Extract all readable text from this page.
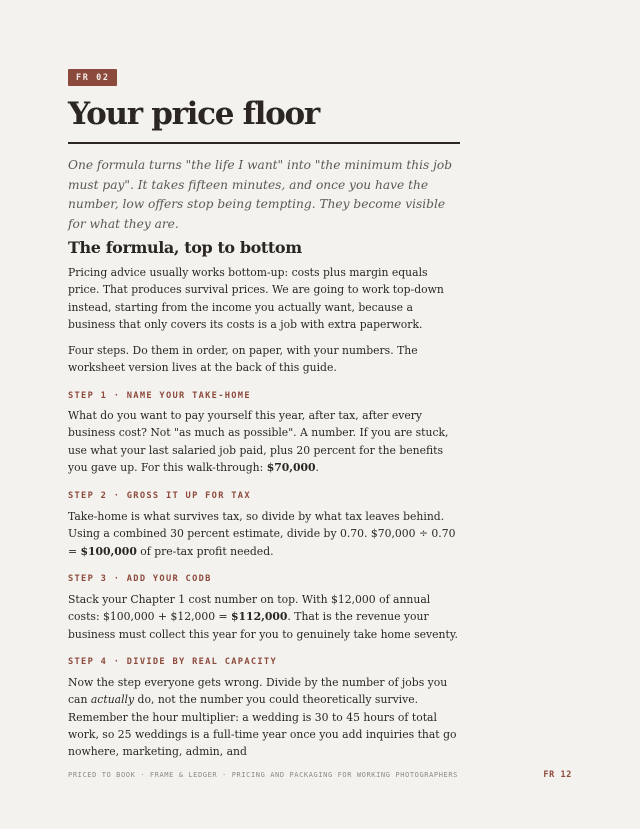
FR 02
Your price floor

One formula turns "the life I want" into "the minimum this job must pay". It takes fifteen minutes, and once you have the number, low offers stop being tempting. They become visible for what they are.

The formula, top to bottom

Pricing advice usually works bottom-up: costs plus margin equals price. That produces survival prices. We are going to work top-down instead, starting from the income you actually want, because a business that only covers its costs is a job with extra paperwork.

Four steps. Do them in order, on paper, with your numbers. The worksheet version lives at the back of this guide.

STEP 1 · NAME YOUR TAKE-HOME

What do you want to pay yourself this year, after tax, after every business cost? Not "as much as possible". A number. If you are stuck, use what your last salaried job paid, plus 20 percent for the benefits you gave up. For this walk-through: $70,000.

STEP 2 · GROSS IT UP FOR TAX

Take-home is what survives tax, so divide by what tax leaves behind. Using a combined 30 percent estimate, divide by 0.70. $70,000 ÷ 0.70 = $100,000 of pre-tax profit needed.

STEP 3 · ADD YOUR CODB

Stack your Chapter 1 cost number on top. With $12,000 of annual costs: $100,000 + $12,000 = $112,000. That is the revenue your business must collect this year for you to genuinely take home seventy.

STEP 4 · DIVIDE BY REAL CAPACITY

Now the step everyone gets wrong. Divide by the number of jobs you can actually do, not the number you could theoretically survive. Remember the hour multiplier: a wedding is 30 to 45 hours of total work, so 25 weddings is a full-time year once you add inquiries that go nowhere, marketing, admin, and

PRICED TO BOOK · FRAME & LEDGER · PRICING AND PACKAGING FOR WORKING PHOTOGRAPHERS	FR 12
